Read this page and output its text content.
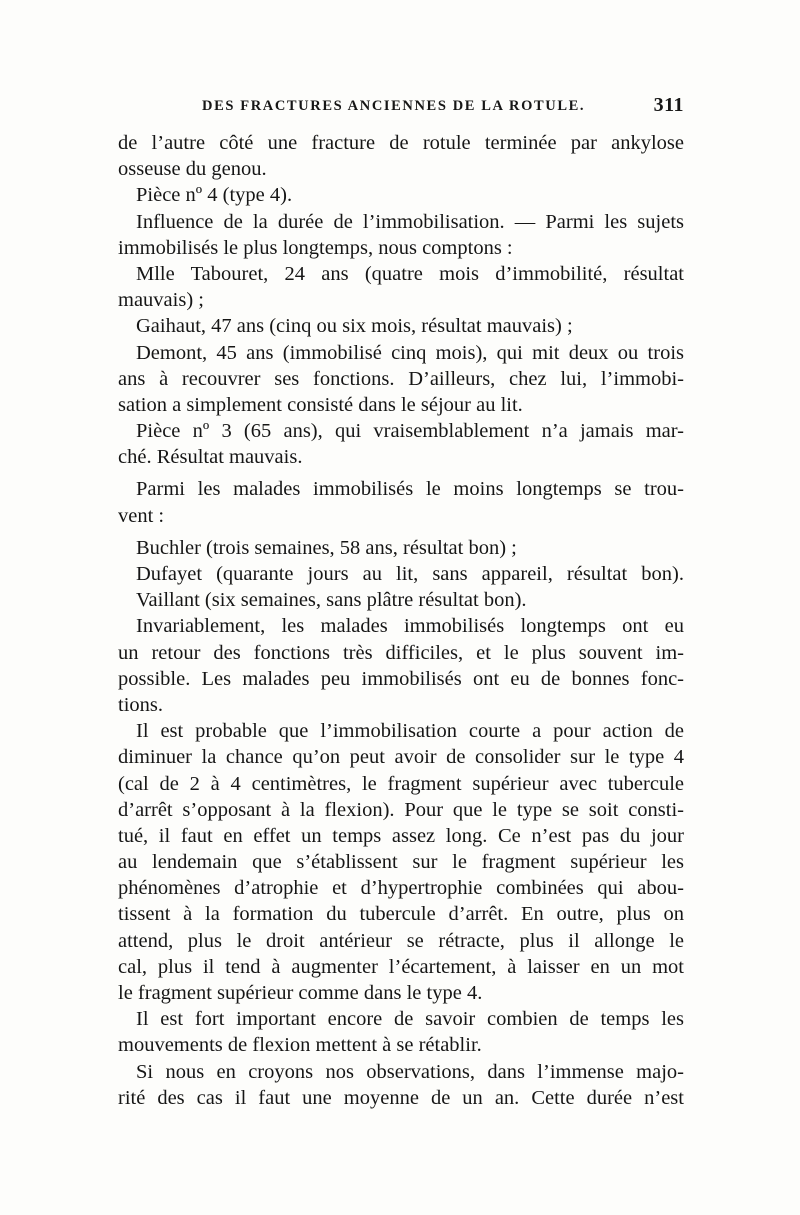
DES FRACTURES ANCIENNES DE LA ROTULE.	311
de l’autre côté une fracture de rotule terminée par ankylose
osseuse du genou.
Pièce nº 4 (type 4).
Influence de la durée de l’immobilisation. — Parmi les sujets
immobilisés le plus longtemps, nous comptons :
Mlle Tabouret, 24 ans (quatre mois d’immobilité, résultat
mauvais) ;
Gaihaut, 47 ans (cinq ou six mois, résultat mauvais) ;
Demont, 45 ans (immobilisé cinq mois), qui mit deux ou trois
ans à recouvrer ses fonctions. D’ailleurs, chez lui, l’immobi-
sation a simplement consisté dans le séjour au lit.
Pièce nº 3 (65 ans), qui vraisemblablement n’a jamais mar-
ché. Résultat mauvais.
Parmi les malades immobilisés le moins longtemps se trou-
vent :
Buchler (trois semaines, 58 ans, résultat bon) ;
Dufayet (quarante jours au lit, sans appareil, résultat bon).
Vaillant (six semaines, sans plâtre résultat bon).
Invariablement, les malades immobilisés longtemps ont eu
un retour des fonctions très difficiles, et le plus souvent im-
possible. Les malades peu immobilisés ont eu de bonnes fonc-
tions.
Il est probable que l’immobilisation courte a pour action de
diminuer la chance qu’on peut avoir de consolider sur le type 4
(cal de 2 à 4 centimètres, le fragment supérieur avec tubercule
d’arrêt s’opposant à la flexion). Pour que le type se soit consti-
tué, il faut en effet un temps assez long. Ce n’est pas du jour
au lendemain que s’établissent sur le fragment supérieur les
phénomènes d’atrophie et d’hypertrophie combinées qui abou-
tissent à la formation du tubercule d’arrêt. En outre, plus on
attend, plus le droit antérieur se rétracte, plus il allonge le
cal, plus il tend à augmenter l’écartement, à laisser en un mot
le fragment supérieur comme dans le type 4.
Il est fort important encore de savoir combien de temps les
mouvements de flexion mettent à se rétablir.
Si nous en croyons nos observations, dans l’immense majo-
rité des cas il faut une moyenne de un an. Cette durée n’est
